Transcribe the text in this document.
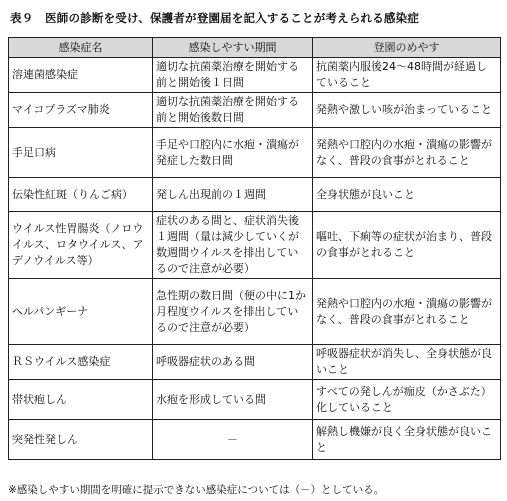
表９　医師の診断を受け、保護者が登園届を記入することが考えられる感染症
感染症名	感染しやすい期間	登園のめやす
溶連菌感染症	適切な抗菌薬治療を開始する前と開始後１日間	抗菌薬内服後24～48時間が経過していること
マイコプラズマ肺炎	適切な抗菌薬治療を開始する前と開始後数日間	発熱や激しい咳が治まっていること
手足口病	手足や口腔内に水疱・潰瘍が発症した数日間	発熱や口腔内の水疱・潰瘍の影響がなく、普段の食事がとれること
伝染性紅斑（りんご病）	発しん出現前の１週間	全身状態が良いこと
ウイルス性胃腸炎（ノロウイルス、ロタウイルス、アデノウイルス等）	症状のある間と、症状消失後１週間（量は減少していくが数週間ウイルスを排出しているので注意が必要）	嘔吐、下痢等の症状が治まり、普段の食事がとれること
ヘルパンギーナ	急性期の数日間（便の中に1か月程度ウイルスを排出しているので注意が必要）	発熱や口腔内の水疱・潰瘍の影響がなく、普段の食事がとれること
ＲＳウイルス感染症	呼吸器症状のある間	呼吸器症状が消失し、全身状態が良いこと
帯状疱しん	水疱を形成している間	すべての発しんが痂皮（かさぶた）化していること
突発性発しん	－	解熱し機嫌が良く全身状態が良いこと
※感染しやすい期間を明確に提示できない感染症については（－）としている。
